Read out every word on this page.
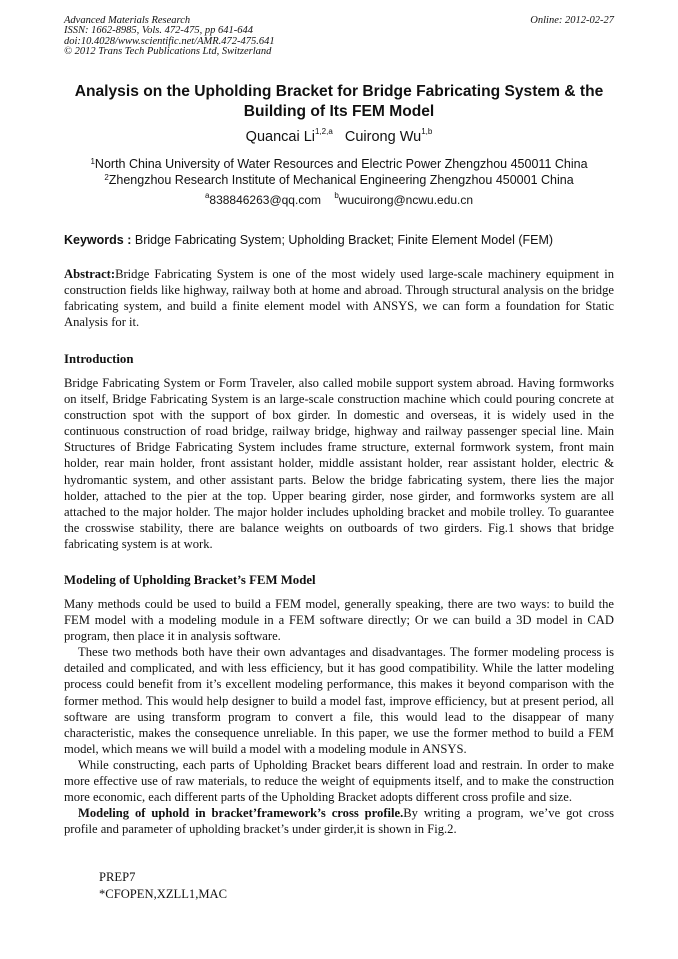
Advanced Materials Research
ISSN: 1662-8985, Vols. 472-475, pp 641-644
doi:10.4028/www.scientific.net/AMR.472-475.641
© 2012 Trans Tech Publications Ltd, Switzerland
Online: 2012-02-27
Analysis on the Upholding Bracket for Bridge Fabricating System & the
Building of Its FEM Model
Quancai Li$^{1,2,a}$ Cuirong Wu$^{1,b}$
$^1$North China University of Water Resources and Electric Power Zhengzhou 450011 China
$^2$Zhengzhou Research Institute of Mechanical Engineering Zhengzhou 450001 China
$^a$838846263@qq.com $^b$wucuirong@ncwu.edu.cn
Keywords : Bridge Fabricating System; Upholding Bracket; Finite Element Model (FEM)

Abstract:Bridge Fabricating System is one of the most widely used large-scale machinery equipment in construction fields like highway, railway both at home and abroad. Through structural analysis on the bridge fabricating system, and build a finite element model with ANSYS, we can form a foundation for Static Analysis for it.

Introduction

Bridge Fabricating System or Form Traveler, also called mobile support system abroad. Having formworks on itself, Bridge Fabricating System is an large-scale construction machine which could pouring concrete at construction spot with the support of box girder. In domestic and overseas, it is widely used in the continuous construction of road bridge, railway bridge, highway and railway passenger special line. Main Structures of Bridge Fabricating System includes frame structure, external formwork system, front main holder, rear main holder, front assistant holder, middle assistant holder, rear assistant holder, electric & hydromantic system, and other assistant parts. Below the bridge fabricating system, there lies the major holder, attached to the pier at the top. Upper bearing girder, nose girder, and formworks system are all attached to the major holder. The major holder includes upholding bracket and mobile trolley. To guarantee the crosswise stability, there are balance weights on outboards of two girders. Fig.1 shows that bridge fabricating system is at work.

Modeling of Upholding Bracket’s FEM Model

Many methods could be used to build a FEM model, generally speaking, there are two ways: to build the FEM model with a modeling module in a FEM software directly; Or we can build a 3D model in CAD program, then place it in analysis software.

These two methods both have their own advantages and disadvantages. The former modeling process is detailed and complicated, and with less efficiency, but it has good compatibility. While the latter modeling process could benefit from it’s excellent modeling performance, this makes it beyond comparison with the former method. This would help designer to build a model fast, improve efficiency, but at present period, all software are using transform program to convert a file, this would lead to the disappear of many characteristic, makes the consequence unreliable. In this paper, we use the former method to build a FEM model, which means we will build a model with a modeling module in ANSYS.

While constructing, each parts of Upholding Bracket bears different load and restrain. In order to make more effective use of raw materials, to reduce the weight of equipments itself, and to make the construction more economic, each different parts of the Upholding Bracket adopts different cross profile and size.

Modeling of uphold in bracket’framework’s cross profile.By writing a program, we’ve got cross profile and parameter of upholding bracket’s under girder,it is shown in Fig.2.

PREP7
*CFOPEN,XZLL1,MAC
